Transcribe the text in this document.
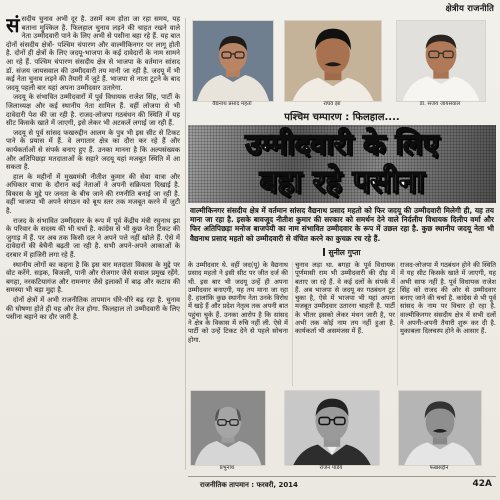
क्षेत्रीय राजनीति

संसदीय चुनाव अभी दूर है. उसमें कम होता जा रहा समय, यह बताना मुश्किल है. फिलहाल चुनाव लड़ने की चाहत रखने वाले नेता उम्मीदवारी पाने के लिए अभी से पसीना बहा रहे हैं. यह बात दोनों संसदीय क्षेत्रों- पश्चिम चंपारण और वाल्मीकिनगर पर लागू होती है. दोनों ही क्षेत्रों के लिए जदयू-भाजपा के कई दावेदारों के नाम सामने आ रहे हैं. पश्चिम चंपारण संसदीय क्षेत्र से भाजपा के वर्तमान सांसद डॉ. संजय जायसवाल की उम्मीदवारी तय मानी जा रही है. जदयू में भी कई नेता चुनाव लड़ने की तैयारी में जुटे हैं. भाजपा से नाता टूटने के बाद जदयू पहली बार यहां अपना उम्मीदवार उतारेगा.

जदयू के संभावित उम्मीदवारों में पूर्व विधायक राजेश सिंह, पार्टी के जिलाध्यक्ष और कई स्थानीय नेता शामिल हैं. वहीं लोजपा से भी दावेदारी पेश की जा रही है. राजद-लोजपा गठबंधन की स्थिति में यह सीट किसके खाते में जाएगी, इसे लेकर भी अटकलें लगाई जा रही हैं.

जदयू से पूर्व सांसद फखरुद्दीन आलम के पुत्र भी इस सीट से टिकट पाने के प्रयास में हैं. वे लगातार क्षेत्र का दौरा कर रहे हैं और कार्यकर्ताओं से संपर्क बनाए हुए हैं. उनका मानना है कि अल्पसंख्यक और अतिपिछड़ा मतदाताओं के सहारे जदयू यहां मजबूत स्थिति में आ सकता है.

हाल के महीनों में मुख्यमंत्री नीतीश कुमार की सेवा यात्रा और अधिकार यात्रा के दौरान कई नेताओं ने अपनी सक्रियता दिखाई है. विकास के मुद्दे पर जनता के बीच जाने की रणनीति बनाई जा रही है. वहीं भाजपा भी अपने संगठन को बूथ स्तर तक मजबूत करने में जुटी है.

राजद के संभावित उम्मीदवार के रूप में पूर्व केंद्रीय मंत्री रघुनाथ झा के परिवार के सदस्य की भी चर्चा है. कांग्रेस से भी कुछ नेता टिकट की जुगाड़ में हैं. पर अब तक किसी दल ने अपने पत्ते नहीं खोले हैं. ऐसे में दावेदारों की बेचैनी बढ़ती जा रही है. सभी अपने-अपने आकाओं के दरबार में हाजिरी लगा रहे हैं.

स्थानीय लोगों का कहना है कि इस बार मतदाता विकास के मुद्दे पर वोट करेंगे. सड़क, बिजली, पानी और रोजगार जैसे सवाल प्रमुख रहेंगे. बगहा, नरकटियागंज और रामनगर जैसे इलाकों में बाढ़ और कटाव की समस्या भी बड़ा मुद्दा है.

दोनों क्षेत्रों में अभी राजनीतिक तापमान धीरे-धीरे बढ़ रहा है. चुनाव की घोषणा होते ही यह और तेज होगा. फिलहाल तो उम्मीदवारी के लिए पसीना बहाने का दौर जारी है.

वैद्यनाथ प्रसाद महतो	राघव झा	डा. संजय जायसवाल
पश्चिम चम्पारण : फिलहाल....
उम्मीदवारी के लिए
बहा रहे पसीना
वाल्मीकिनगर संसदीय क्षेत्र में वर्तमान सांसद वैद्यनाथ प्रसाद महतो को फिर जदयू की उम्मीदवारी मिलेगी ही, यह तय माना जा रहा है. इसके बावजूद नीतीश कुमार की सरकार को समर्थन देने वाले निर्दलीय विधायक दिलीप वर्मा और फिर अतिपिछड़ा मनोज बाजपेयी का नाम संभावित उम्मीदवार के रूप में उछल रहा है. कुछ स्थानीय जदयू नेता भी वैद्यनाथ प्रसाद महतो को उम्मीदवारी से वंचित करने का कुचक्र रच रहे हैं.
सुनील गुप्ता
के उम्मीदवार थे. वहीं जद(यू) के वैद्यनाथ प्रसाद महतो ने इसी सीट पर जीत दर्ज की थी. इस बार भी जदयू उन्हें ही अपना उम्मीदवार बनाएगी, यह तय माना जा रहा है. हालांकि कुछ स्थानीय नेता उनके विरोध में खड़े हैं और प्रदेश नेतृत्व तक अपनी बात पहुंचा चुके हैं. उनका आरोप है कि सांसद ने क्षेत्र के विकास में रुचि नहीं ली. ऐसे में पार्टी को उन्हें टिकट देने से पहले सोचना होगा.
चुनाव लड़ा था. बगहा के पूर्व विधायक पूर्णमासी राम भी उम्मीदवारी की दौड़ में बताए जा रहे हैं. वे कई दलों के संपर्क में हैं. अब भाजपा से जदयू का गठबंधन टूट चुका है, ऐसे में भाजपा भी यहां अपना मजबूत उम्मीदवार उतारना चाहती है. पार्टी के भीतर इसको लेकर मंथन जारी है, पर अभी तक कोई नाम तय नहीं हुआ है. कार्यकर्ता भी असमंजस में हैं.
राजद-लोजपा में गठबंधन होने की स्थिति में यह सीट किसके खाते में जाएगी, यह अभी साफ नहीं है. पूर्व विधायक राजेश सिंह को राजद की ओर से उम्मीदवार बनाए जाने की चर्चा है. कांग्रेस से भी पूर्व सांसद के नाम पर विचार हो रहा है. वाल्मीकिनगर संसदीय क्षेत्र में सभी दलों ने अपनी-अपनी तैयारी शुरू कर दी है. मुकाबला दिलचस्प होने के आसार हैं.
प्रभुनाथ	राजन पांडेय	फखरुद्दीन
राजनीतिक तापमान : फरवरी, 2014	42A
